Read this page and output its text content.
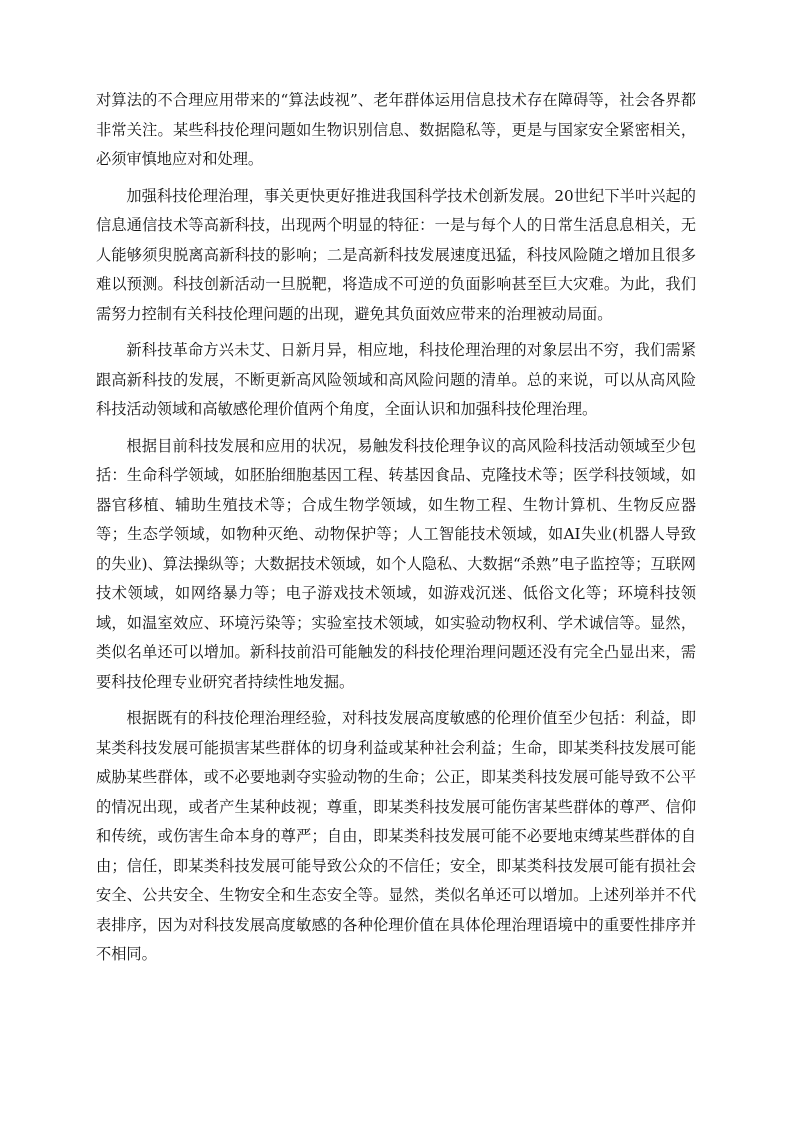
对算法的不合理应用带来的“算法歧视”、老年群体运用信息技术存在障碍等，社会各界都非常关注。某些科技伦理问题如生物识别信息、数据隐私等，更是与国家安全紧密相关，必须审慎地应对和处理。

加强科技伦理治理，事关更快更好推进我国科学技术创新发展。20世纪下半叶兴起的信息通信技术等高新科技，出现两个明显的特征：一是与每个人的日常生活息息相关，无人能够须臾脱离高新科技的影响；二是高新科技发展速度迅猛，科技风险随之增加且很多难以预测。科技创新活动一旦脱靶，将造成不可逆的负面影响甚至巨大灾难。为此，我们需努力控制有关科技伦理问题的出现，避免其负面效应带来的治理被动局面。

新科技革命方兴未艾、日新月异，相应地，科技伦理治理的对象层出不穷，我们需紧跟高新科技的发展，不断更新高风险领域和高风险问题的清单。总的来说，可以从高风险科技活动领域和高敏感伦理价值两个角度，全面认识和加强科技伦理治理。

根据目前科技发展和应用的状况，易触发科技伦理争议的高风险科技活动领域至少包括：生命科学领域，如胚胎细胞基因工程、转基因食品、克隆技术等；医学科技领域，如器官移植、辅助生殖技术等；合成生物学领域，如生物工程、生物计算机、生物反应器等；生态学领域，如物种灭绝、动物保护等；人工智能技术领域，如AI失业(机器人导致的失业)、算法操纵等；大数据技术领域，如个人隐私、大数据“杀熟”电子监控等；互联网技术领域，如网络暴力等；电子游戏技术领域，如游戏沉迷、低俗文化等；环境科技领域，如温室效应、环境污染等；实验室技术领域，如实验动物权利、学术诚信等。显然，类似名单还可以增加。新科技前沿可能触发的科技伦理治理问题还没有完全凸显出来，需要科技伦理专业研究者持续性地发掘。

根据既有的科技伦理治理经验，对科技发展高度敏感的伦理价值至少包括：利益，即某类科技发展可能损害某些群体的切身利益或某种社会利益；生命，即某类科技发展可能威胁某些群体，或不必要地剥夺实验动物的生命；公正，即某类科技发展可能导致不公平的情况出现，或者产生某种歧视；尊重，即某类科技发展可能伤害某些群体的尊严、信仰和传统，或伤害生命本身的尊严；自由，即某类科技发展可能不必要地束缚某些群体的自由；信任，即某类科技发展可能导致公众的不信任；安全，即某类科技发展可能有损社会安全、公共安全、生物安全和生态安全等。显然，类似名单还可以增加。上述列举并不代表排序，因为对科技发展高度敏感的各种伦理价值在具体伦理治理语境中的重要性排序并不相同。
